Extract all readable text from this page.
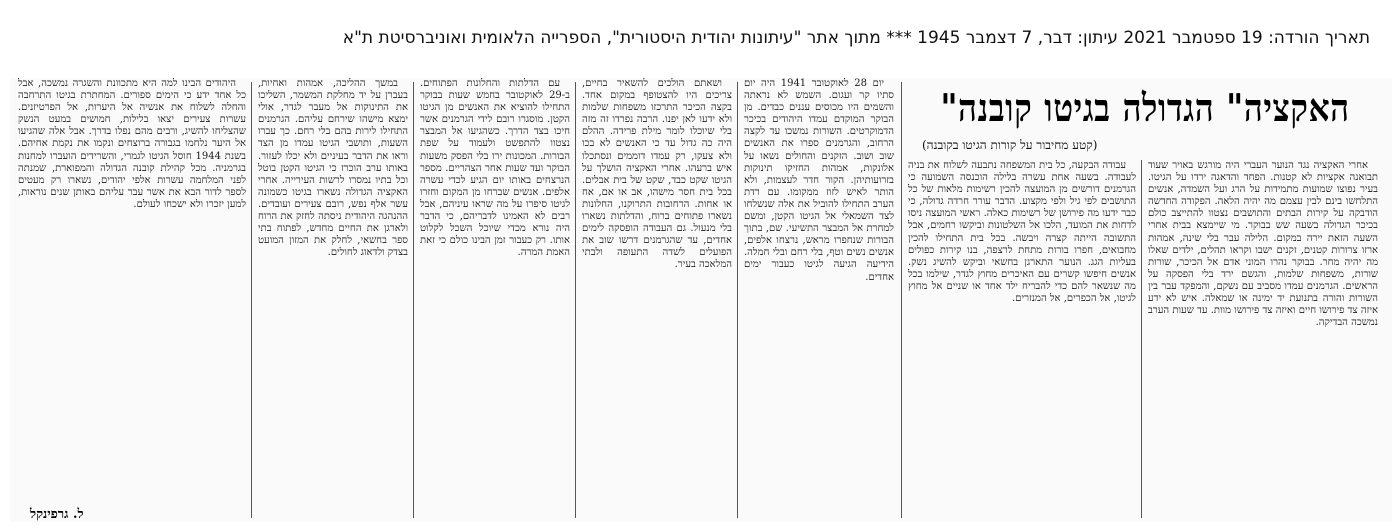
תאריך הורדה: 19 ספטמבר 2021 עיתון: דבר, 7 דצמבר 1945 *** מתוך אתר "עיתונות יהודית היסטורית", הספרייה הלאומית ואוניברסיטת ת"א
האקציה" הגדולה בגיטו קובנה"
(קטע מחיבור על קורות הגיטו בקובנה)

אחרי האקציה נגד הנוער העברי היה מורגש באויר שעוד תבואנה אקציות לא קטנות. הפחד והדאגה ירדו על הגיטו. בעיר נפוצו שמועות מתמידות על הרג ועל השמדה, אנשים התלחשו בינם לבין עצמם מה יהיה הלאה. הפקודה החדשה הודבקה על קירות הבתים והתושבים נצטוו להתייצב כולם בכיכר הגדולה בשעה שש בבוקר. מי שיימצא בבית אחרי השעה הזאת יירה במקום. הלילה עבר בלי שינה, אמהות ארזו צרורות קטנים, זקנים ישבו וקראו תהלים, ילדים שאלו מה יהיה מחר. בבוקר נהרו המוני אדם אל הכיכר, שורות שורות, משפחות שלמות, והגשם ירד בלי הפסקה על הראשים. הגרמנים עמדו מסביב עם נשקם, והמפקד עבר בין השורות והורה בתנועת יד ימינה או שמאלה. איש לא ידע איזה צד פירושו חיים ואיזה צד פירושו מוות. עד שעות הערב נמשכה הבדיקה.

עבודה הבקעה, כל בית המשפחה נתבעה לשלוח את בניה לעבודה. בשעה אחת עשרה בלילה הוכנסה השמועה כי הגרמנים דורשים מן המועצה להכין רשימות מלאות של כל התושבים לפי גיל ולפי מקצוע. הדבר עורר חרדה גדולה, כי כבר ידעו מה פירושן של רשימות כאלה. ראשי המועצה ניסו לדחות את המועד, הלכו אל השלטונות וביקשו רחמים, אבל התשובה הייתה קצרה ויבשה. בכל בית התחילו להכין מחבואים, חפרו בורות מתחת לרצפה, בנו קירות כפולים בעליות הגג. הנוער התארגן בחשאי וביקש להשיג נשק. אנשים חיפשו קשרים עם האיכרים מחוץ לגדר, שילמו בכל מה שנשאר להם כדי להבריח ילד אחד או שניים אל מחוץ לגיטו, אל הכפרים, אל המנזרים.

יום 28 לאוקטובר 1941 היה יום סתיו קר ועגום. השמש לא נראתה והשמים היו מכוסים עננים כבדים. מן הבוקר המוקדם עמדו היהודים בכיכר הדמוקרטים. השורות נמשכו עד לקצה הרחוב, והגרמנים ספרו את האנשים שוב ושוב. הזקנים והחולים נשאו על אלונקות, אמהות החזיקו תינוקות בזרועותיהן. הקור חדר לעצמות, ולא הותר לאיש לזוז ממקומו. עם רדת הערב התחילו להוביל את אלה שנשלחו לצד השמאלי אל הגיטו הקטן, ומשם למחרת אל המבצר התשיעי. שם, בתוך הבורות שנחפרו מראש, נרצחו אלפים, אנשים נשים וטף, בלי רחם ובלי חמלה. הידיעה הגיעה לגיטו כעבור ימים אחדים.

ושאתם הולכים להשאיר בחיים, צריכים היו להצטופף במקום אחד. בקצה הכיכר התרכזו משפחות שלמות ולא ידעו לאן יפנו. הרבה נפרדו זה מזה בלי שיוכלו לומר מילת פרידה. ההלם היה כה גדול עד כי האנשים לא בכו ולא צעקו, רק עמדו דוממים ונסתכלו איש ברעהו. אחרי האקציה הושלך על הגיטו שקט כבד, שקט של בית אבלים. בכל בית חסר מישהו, אב או אם, אח או אחות. הרחובות התרוקנו, החלונות נשארו פתוחים ברוח, והדלתות נשארו בלי מנעול. גם העבודה הופסקה לימים אחדים, עד שהגרמנים דרשו שוב את הפועלים לשדה התעופה ולבתי המלאכה בעיר.

עם הדלתות והחלונות הפתוחים. ב-29 לאוקטובר בחמש שעות בבוקר התחילו להוציא את האנשים מן הגיטו הקטן. מוסגרו רובם לידי הגרמנים אשר חיכו בצד הדרך. כשהגיעו אל המבצר נצטוו להתפשט ולעמוד על שפת הבורות. המכונות ירו בלי הפסק משעות הבוקר ועד שעות אחר הצהריים. מספר הנרצחים באותו יום הגיע לכדי עשרה אלפים. אנשים שברחו מן המקום וחזרו לגיטו סיפרו על מה שראו עיניהם, אבל רבים לא האמינו לדבריהם, כי הדבר היה נורא מכדי שיוכל השכל לקלוט אותו. רק כעבור זמן הבינו כולם כי זאת האמת המרה.

במשך ההליכה, אמהות ואחיות, בעברן על יד מחלקת המשמר, השליכו את התינוקות אל מעבר לגדר, אולי ימצא מישהו שירחם עליהם. הגרמנים התחילו לירות בהם בלי רחם. כך עברו השעות, ותושבי הגיטו עמדו מן הצד וראו את הדבר בעיניים ולא יכלו לעזור. באותו ערב הוכרז כי הגיטו הקטן בוטל וכל בתיו נמסרו לרשות העירייה. אחרי האקציה הגדולה נשארו בגיטו כשמונה עשר אלף נפש, רובם צעירים ועובדים. ההנהגה היהודית ניסתה לחזק את הרוח ולארגן את החיים מחדש, לפתוח בתי ספר בחשאי, לחלק את המזון המועט בצדק ולדאוג לחולים.

היהודים הבינו למה היא מתכוונת והשגרה נמשכה, אבל כל אחד ידע כי הימים ספורים. המחתרת בגיטו התרחבה והחלה לשלוח את אנשיה אל היערות, אל הפרטיזנים. עשרות צעירים יצאו בלילות, חמושים במעט הנשק שהצליחו להשיג, ורבים מהם נפלו בדרך. אבל אלה שהגיעו אל היער נלחמו בגבורה ברוצחים ונקמו את נקמת אחיהם. בשנת 1944 חוסל הגיטו לגמרי, והשרידים הועברו למחנות בגרמניה. מכל קהילת קובנה הגדולה והמפוארת, שמנתה לפני המלחמה עשרות אלפי יהודים, נשארו רק מעטים לספר לדור הבא את אשר עבר עליהם באותן שנים נוראות, למען יזכרו ולא ישכחו לעולם.

ל. גרפינקל
